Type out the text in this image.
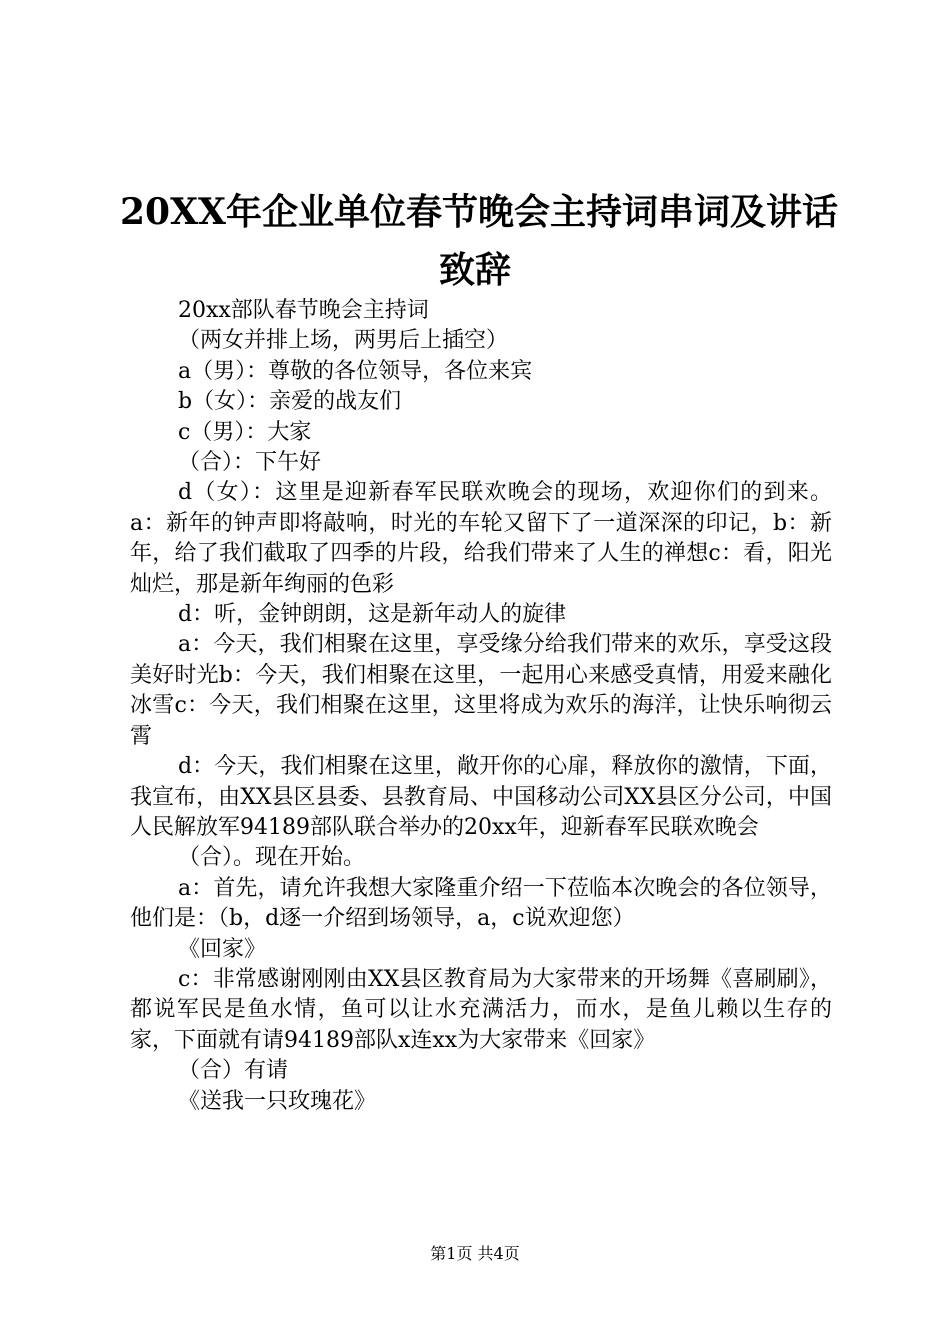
20XX年企业单位春节晚会主持词串词及讲话
致辞

20xx部队春节晚会主持词

（两女并排上场，两男后上插空）

a（男）：尊敬的各位领导，各位来宾

b（女）：亲爱的战友们

c（男）：大家

（合）：下午好

d（女）：这里是迎新春军民联欢晚会的现场，欢迎你们的到来。a：新年的钟声即将敲响，时光的车轮又留下了一道深深的印记，b：新年，给了我们截取了四季的片段，给我们带来了人生的禅想c：看，阳光灿烂，那是新年绚丽的色彩

d：听，金钟朗朗，这是新年动人的旋律

a：今天，我们相聚在这里，享受缘分给我们带来的欢乐，享受这段美好时光b：今天，我们相聚在这里，一起用心来感受真情，用爱来融化冰雪c：今天，我们相聚在这里，这里将成为欢乐的海洋，让快乐响彻云霄

d：今天，我们相聚在这里，敞开你的心扉，释放你的激情，下面，我宣布，由XX县区县委、县教育局、中国移动公司XX县区分公司，中国人民解放军94189部队联合举办的20xx年，迎新春军民联欢晚会

（合）。现在开始。

a：首先，请允许我想大家隆重介绍一下莅临本次晚会的各位领导，他们是：（b，d逐一介绍到场领导，a，c说欢迎您）

《回家》

c：非常感谢刚刚由XX县区教育局为大家带来的开场舞《喜刷刷》，都说军民是鱼水情，鱼可以让水充满活力，而水，是鱼儿赖以生存的家，下面就有请94189部队x连xx为大家带来《回家》

（合）有请

《送我一只玫瑰花》

第1页 共4页
